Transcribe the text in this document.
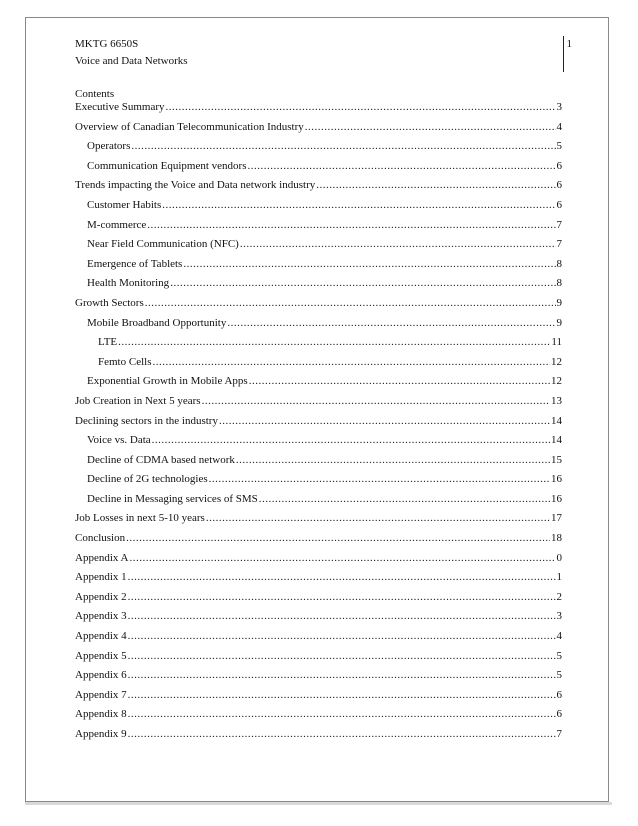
MKTG 6650S
Voice and Data Networks
1
Contents
Executive Summary .....	3
Overview of Canadian Telecommunication Industry .....	4
Operators .....	5
Communication Equipment vendors .....	6
Trends impacting the Voice and Data network industry .....	6
Customer Habits .....	6
M-commerce .....	7
Near Field Communication (NFC) .....	7
Emergence of Tablets .....	8
Health Monitoring .....	8
Growth Sectors .....	9
Mobile Broadband Opportunity .....	9
LTE .....	11
Femto Cells .....	12
Exponential Growth in Mobile Apps .....	12
Job Creation in Next 5 years .....	13
Declining sectors in the industry .....	14
Voice vs. Data .....	14
Decline of CDMA based network .....	15
Decline of 2G technologies .....	16
Decline in Messaging services of SMS .....	16
Job Losses in next 5-10 years .....	17
Conclusion .....	18
Appendix A .....	0
Appendix 1 .....	1
Appendix 2 .....	2
Appendix 3 .....	3
Appendix 4 .....	4
Appendix 5 .....	5
Appendix 6 .....	5
Appendix 7 .....	6
Appendix 8 .....	6
Appendix 9 .....	7
